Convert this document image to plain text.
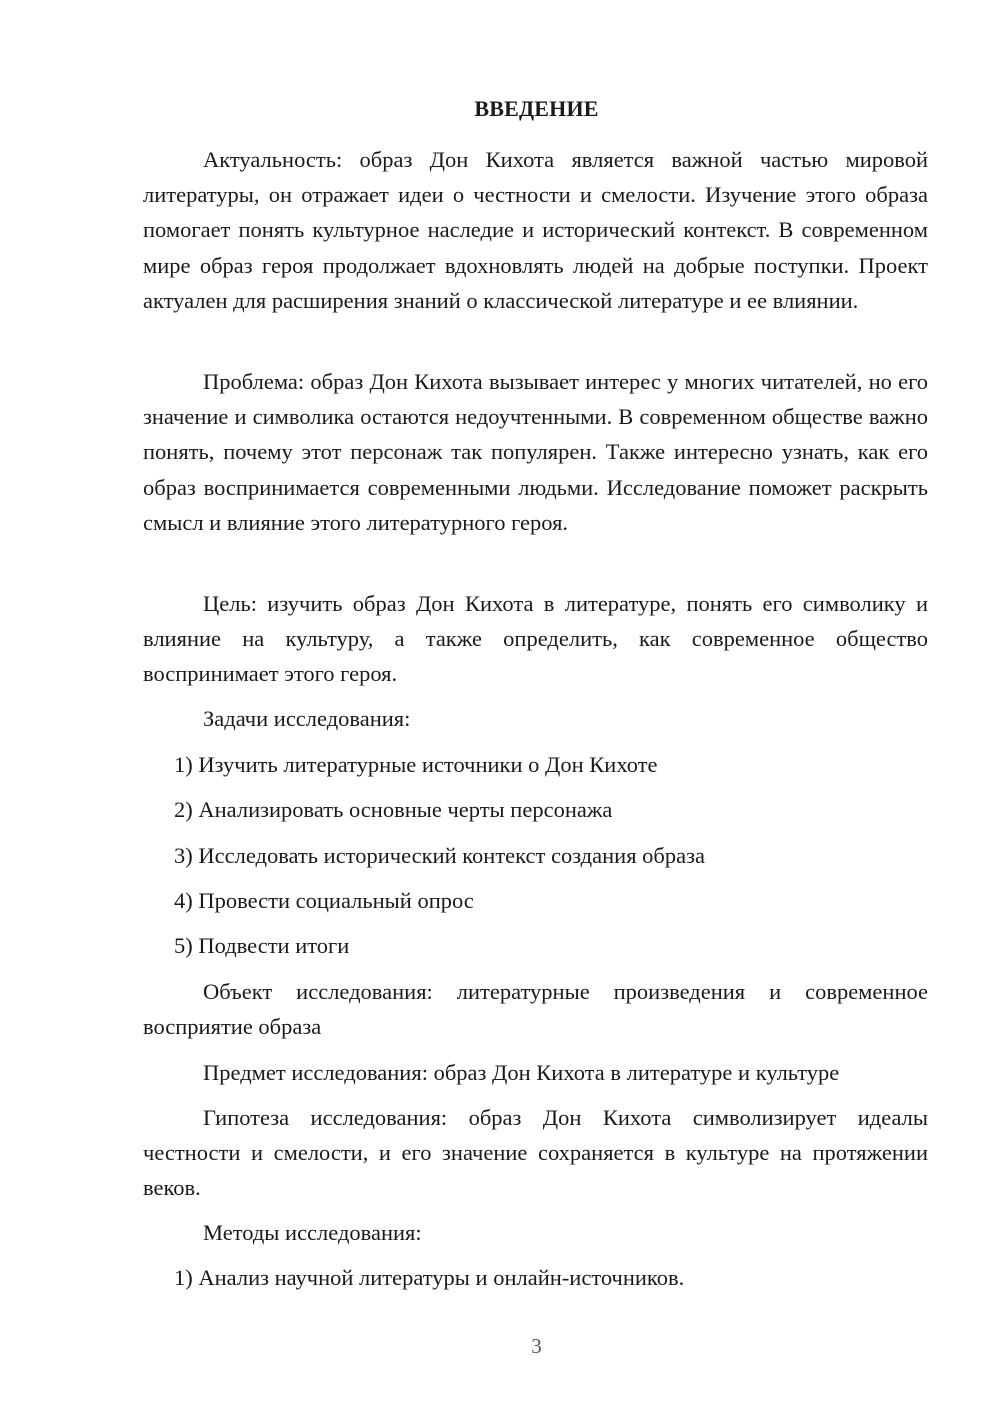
ВВЕДЕНИЕ

Актуальность: образ Дон Кихота является важной частью мировой литературы, он отражает идеи о честности и смелости. Изучение этого образа помогает понять культурное наследие и исторический контекст. В современном мире образ героя продолжает вдохновлять людей на добрые поступки. Проект актуален для расширения знаний о классической литературе и ее влиянии.

Проблема: образ Дон Кихота вызывает интерес у многих читателей, но его значение и символика остаются недоучтенными. В современном обществе важно понять, почему этот персонаж так популярен. Также интересно узнать, как его образ воспринимается современными людьми. Исследование поможет раскрыть смысл и влияние этого литературного героя.

Цель: изучить образ Дон Кихота в литературе, понять его символику и влияние на культуру, а также определить, как современное общество воспринимает этого героя.

Задачи исследования:

1) Изучить литературные источники о Дон Кихоте

2) Анализировать основные черты персонажа

3) Исследовать исторический контекст создания образа

4) Провести социальный опрос

5) Подвести итоги

Объект исследования: литературные произведения и современное восприятие образа

Предмет исследования: образ Дон Кихота в литературе и культуре

Гипотеза исследования: образ Дон Кихота символизирует идеалы честности и смелости, и его значение сохраняется в культуре на протяжении веков.

Методы исследования:

1) Анализ научной литературы и онлайн-источников.

3
